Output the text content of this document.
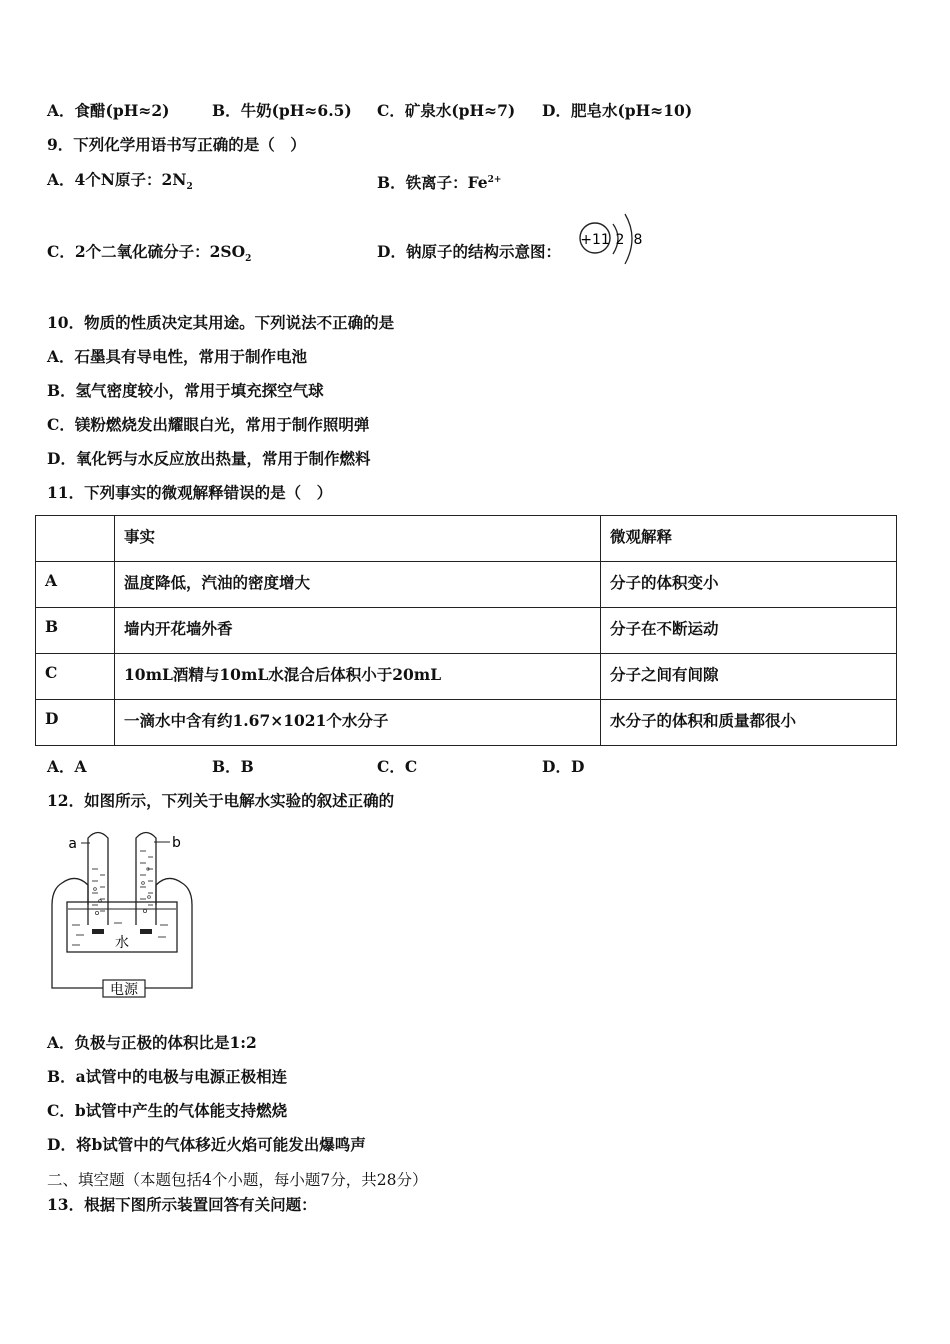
A．食醋(pH≈2)	B．牛奶(pH≈6.5) C．矿泉水(pH≈7) D．肥皂水(pH≈10)
9．下列化学用语书写正确的是（　）
A．4个N原子：$2N_2$	B．铁离子：$Fe^{2+}$
C．2个二氧化硫分子：$2SO_2$	D．钠原子的结构示意图：
+11 2 8
10．物质的性质决定其用途。下列说法不正确的是
A．石墨具有导电性，常用于制作电池
B．氢气密度较小，常用于填充探空气球
C．镁粉燃烧发出耀眼白光，常用于制作照明弹
D．氧化钙与水反应放出热量，常用于制作燃料
11．下列事实的微观解释错误的是（　）
	事实	微观解释
A	温度降低，汽油的密度增大	分子的体积变小
B	墙内开花墙外香	分子在不断运动
C	10mL酒精与10mL水混合后体积小于20mL	分子之间有间隙
D	一滴水中含有约1.67×1021个水分子	水分子的体积和质量都很小
A．A	B．B	C．C	D．D
12．如图所示，下列关于电解水实验的叙述正确的
a	b
水
电源
A．负极与正极的体积比是1:2
B．a试管中的电极与电源正极相连
C．b试管中产生的气体能支持燃烧
D．将b试管中的气体移近火焰可能发出爆鸣声
二、填空题（本题包括4个小题，每小题7分，共28分）
13．根据下图所示装置回答有关问题：
